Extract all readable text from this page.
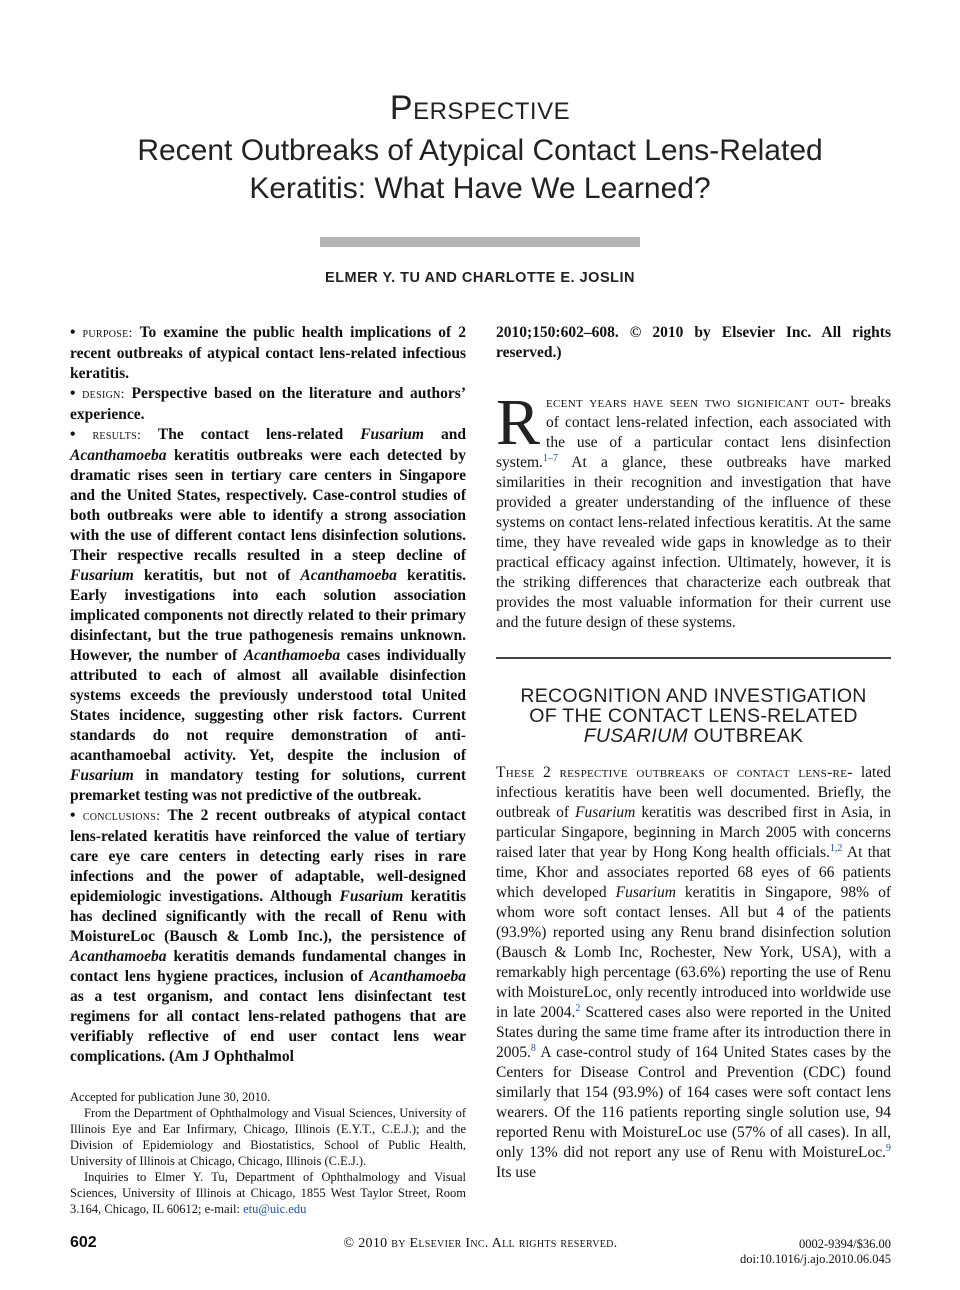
Perspective
Recent Outbreaks of Atypical Contact Lens-Related
Keratitis: What Have We Learned?
ELMER Y. TU AND CHARLOTTE E. JOSLIN

• purpose: To examine the public health implications of 2 recent outbreaks of atypical contact lens-related infectious keratitis.

• design: Perspective based on the literature and authors’ experience.

• results: The contact lens-related Fusarium and Acanthamoeba keratitis outbreaks were each detected by dramatic rises seen in tertiary care centers in Singapore and the United States, respectively. Case-control studies of both outbreaks were able to identify a strong association with the use of different contact lens disinfection solutions. Their respective recalls resulted in a steep decline of Fusarium keratitis, but not of Acanthamoeba keratitis. Early investigations into each solution association implicated components not directly related to their primary disinfectant, but the true pathogenesis remains unknown. However, the number of Acanthamoeba cases individually attributed to each of almost all available disinfection systems exceeds the previously understood total United States incidence, suggesting other risk factors. Current standards do not require demonstration of anti-acanthamoebal activity. Yet, despite the inclusion of Fusarium in mandatory testing for solutions, current premarket testing was not predictive of the outbreak.

• conclusions: The 2 recent outbreaks of atypical contact lens-related keratitis have reinforced the value of tertiary care eye care centers in detecting early rises in rare infections and the power of adaptable, well-designed epidemiologic investigations. Although Fusarium keratitis has declined significantly with the recall of Renu with MoistureLoc (Bausch & Lomb Inc.), the persistence of Acanthamoeba keratitis demands fundamental changes in contact lens hygiene practices, inclusion of Acanthamoeba as a test organism, and contact lens disinfectant test regimens for all contact lens-related pathogens that are verifiably reflective of end user contact lens wear complications. (Am J Ophthalmol

Accepted for publication June 30, 2010.

From the Department of Ophthalmology and Visual Sciences, University of Illinois Eye and Ear Infirmary, Chicago, Illinois (E.Y.T., C.E.J.); and the Division of Epidemiology and Biostatistics, School of Public Health, University of Illinois at Chicago, Chicago, Illinois (C.E.J.).

Inquiries to Elmer Y. Tu, Department of Ophthalmology and Visual Sciences, University of Illinois at Chicago, 1855 West Taylor Street, Room 3.164, Chicago, IL 60612; e-mail: etu@uic.edu

2010;150:602–608. © 2010 by Elsevier Inc. All rights reserved.)

R ecent years have seen two significant out- breaks of contact lens-related infection, each associated with the use of a particular contact lens disinfection system.$^{1-7}$ At a glance, these outbreaks have marked similarities in their recognition and investigation that have provided a greater understanding of the influence of these systems on contact lens-related infectious keratitis. At the same time, they have revealed wide gaps in knowledge as to their practical efficacy against infection. Ultimately, however, it is the striking differences that characterize each outbreak that provides the most valuable information for their current use and the future design of these systems.

RECOGNITION AND INVESTIGATION
OF THE CONTACT LENS-RELATED
FUSARIUM OUTBREAK

These 2 respective outbreaks of contact lens-re- lated infectious keratitis have been well documented. Briefly, the outbreak of Fusarium keratitis was described first in Asia, in particular Singapore, beginning in March 2005 with concerns raised later that year by Hong Kong health officials.$^{1,2}$ At that time, Khor and associates reported 68 eyes of 66 patients which developed Fusarium keratitis in Singapore, 98% of whom wore soft contact lenses. All but 4 of the patients (93.9%) reported using any Renu brand disinfection solution (Bausch & Lomb Inc, Rochester, New York, USA), with a remarkably high percentage (63.6%) reporting the use of Renu with MoistureLoc, only recently introduced into worldwide use in late 2004.$^2$ Scattered cases also were reported in the United States during the same time frame after its introduction there in 2005.$^8$ A case-control study of 164 United States cases by the Centers for Disease Control and Prevention (CDC) found similarly that 154 (93.9%) of 164 cases were soft contact lens wearers. Of the 116 patients reporting single solution use, 94 reported Renu with MoistureLoc use (57% of all cases). In all, only 13% did not report any use of Renu with MoistureLoc.$^9$ Its use

602	© 2010 by Elsevier Inc. All rights reserved.	0002-9394/$36.00
doi:10.1016/j.ajo.2010.06.045
